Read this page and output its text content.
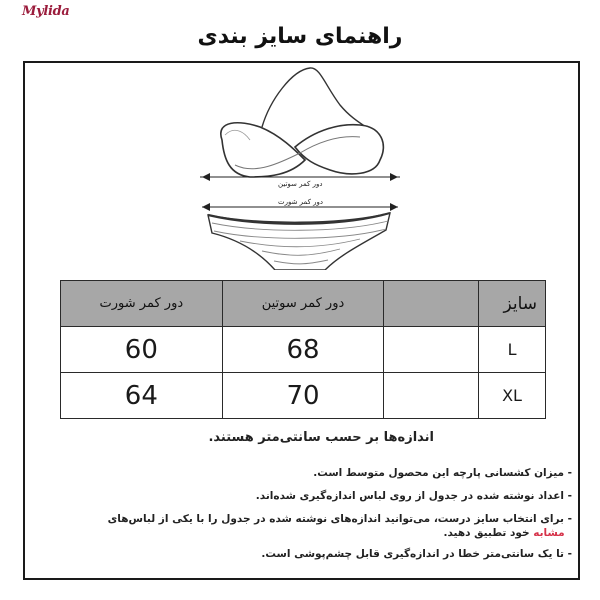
Mylida
راهنمای سایز بندی
دور کمر سوتین
دور کمر شورت
سایز		دور کمر سوتین	دور کمر شورت
L		68	60
XL		70	64
اندازه‌ها بر حسب سانتی‌متر هستند.
- میزان کشسانی پارچه این محصول متوسط است.
- اعداد نوشته شده در جدول از روی لباس اندازه‌گیری شده‌اند.
- برای انتخاب سایز درست، می‌توانید اندازه‌های نوشته شده در جدول را با یکی از لباس‌های
مشابه خود تطبیق دهید.
- تا یک سانتی‌متر خطا در اندازه‌گیری قابل چشم‌پوشی است.
